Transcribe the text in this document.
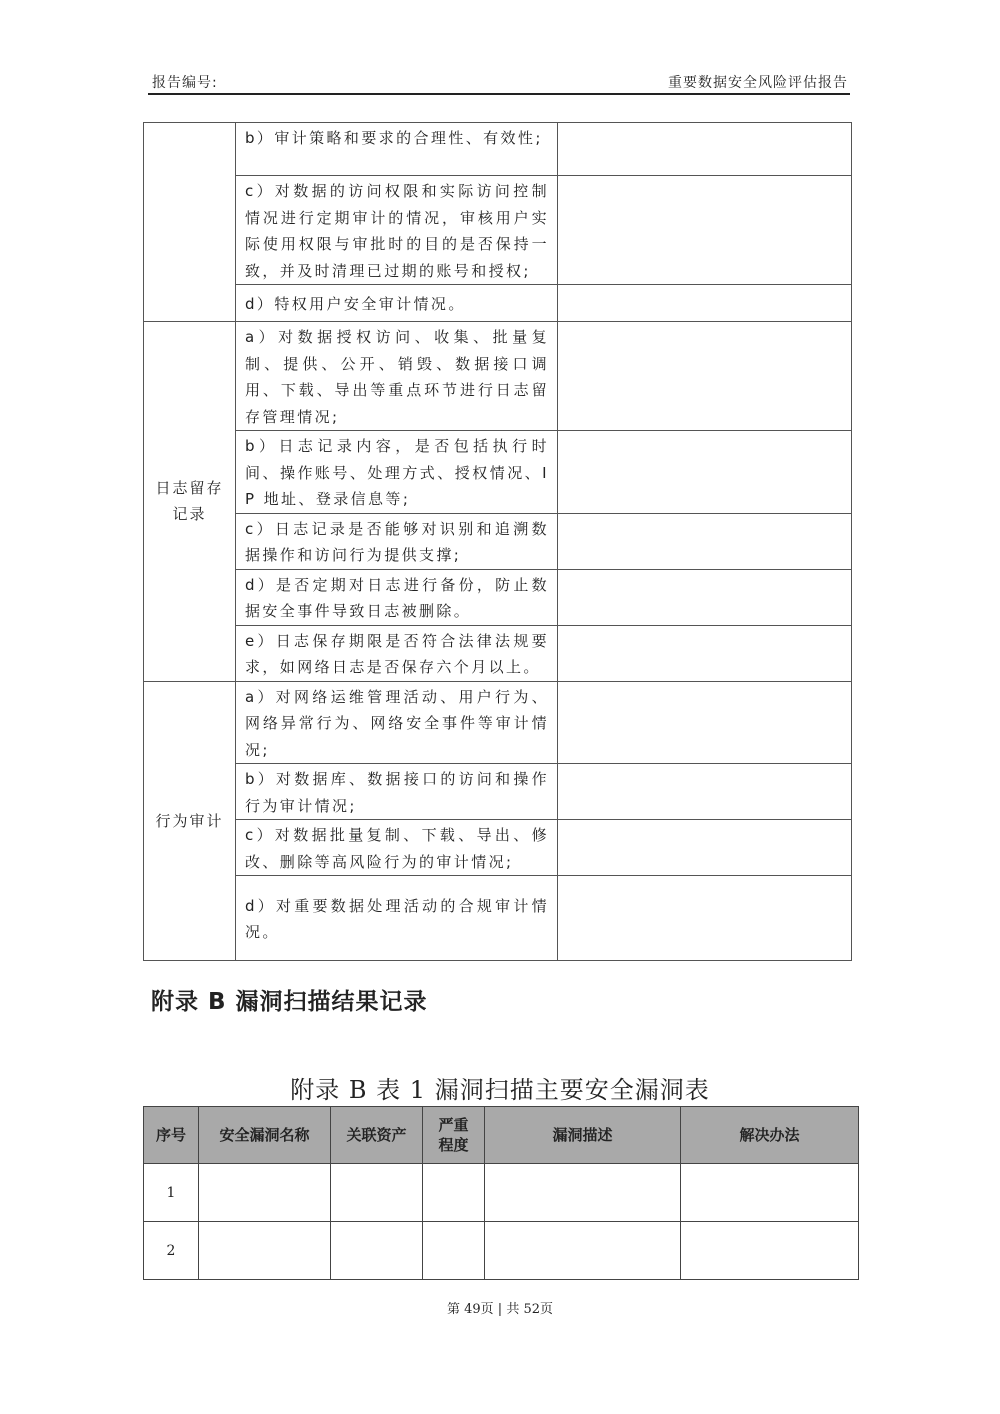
报告编号:	重要数据安全风险评估报告
	b）审计策略和要求的合理性、有效性;	
	c）对数据的访问权限和实际访问控制情况进行定期审计的情况，审核用户实际使用权限与审批时的目的是否保持一致，并及时清理已过期的账号和授权;	
	d）特权用户安全审计情况。	

日志留存记录	a）对数据授权访问、收集、批量复制、提供、公开、销毁、数据接口调用、下载、导出等重点环节进行日志留存管理情况;	
	b）日志记录内容，是否包括执行时间、操作账号、处理方式、授权情况、IP 地址、登录信息等;	
	c）日志记录是否能够对识别和追溯数据操作和访问行为提供支撑;	
	d）是否定期对日志进行备份，防止数据安全事件导致日志被删除。	
	e）日志保存期限是否符合法律法规要求，如网络日志是否保存六个月以上。	
行为审计	a）对网络运维管理活动、用户行为、网络异常行为、网络安全事件等审计情况;	
	b）对数据库、数据接口的访问和操作行为审计情况;	
	c）对数据批量复制、下载、导出、修改、删除等高风险行为的审计情况;	
	d）对重要数据处理活动的合规审计情况。	
附录 B 漏洞扫描结果记录
附录 B 表 1 漏洞扫描主要安全漏洞表
序号	安全漏洞名称	关联资产	严重程度	漏洞描述	解决办法
1					
2					
第 49页 | 共 52页
